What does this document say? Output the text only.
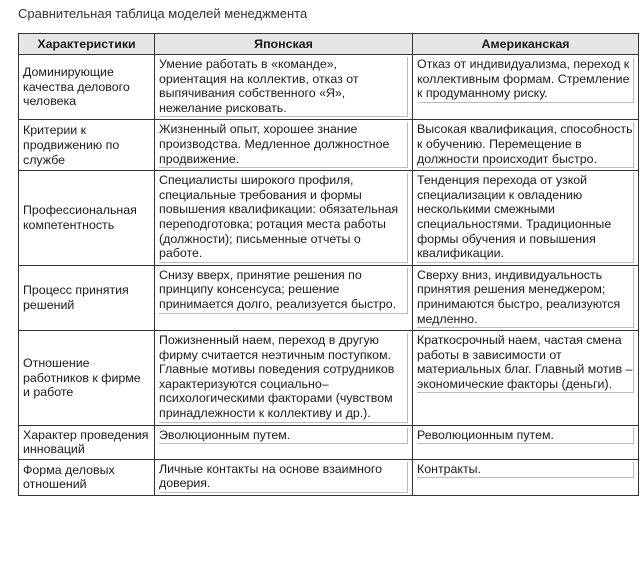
Сравнительная таблица моделей менеджмента
Характеристики	Японская	Американская
Доминирующие качества делового человека	Умение работать в «команде», ориентация на коллектив, отказ от выпячивания собственного «Я», нежелание рисковать.	Отказ от индивидуализма, переход к коллективным формам. Стремление к продуманному риску.

Критерии к продвижению по службе	Жизненный опыт, хорошее знание производства. Медленное должностное продвижение.	Высокая квалификация, способность к обучению. Перемещение в должности происходит быстро.

Профессиональная компетентность	Специалисты широкого профиля, специальные требования и формы повышения квалификации: обязательная переподготовка; ротация места работы (должности); письменные отчеты о работе.	Тенденция перехода от узкой специализации к овладению несколькими смежными специальностями. Традиционные формы обучения и повышения квалификации.

Процесс принятия решений	Снизу вверх, принятие решения по принципу консенсуса; решение принимается долго, реализуется быстро.	Сверху вниз, индивидуальность принятия решения менеджером; принимаются быстро, реализуются медленно.

Отношение работников к фирме и работе	Пожизненный наем, переход в другую фирму считается неэтичным поступком. Главные мотивы поведения сотрудников характеризуются социально–психологическими факторами (чувством принадлежности к коллективу и др.).	Краткосрочный наем, частая смена работы в зависимости от материальных благ. Главный мотив – экономические факторы (деньги).

Характер проведения инноваций	Эволюционным путем.	Революционным путем.

Форма деловых отношений	Личные контакты на основе взаимного доверия.	Контракты.
